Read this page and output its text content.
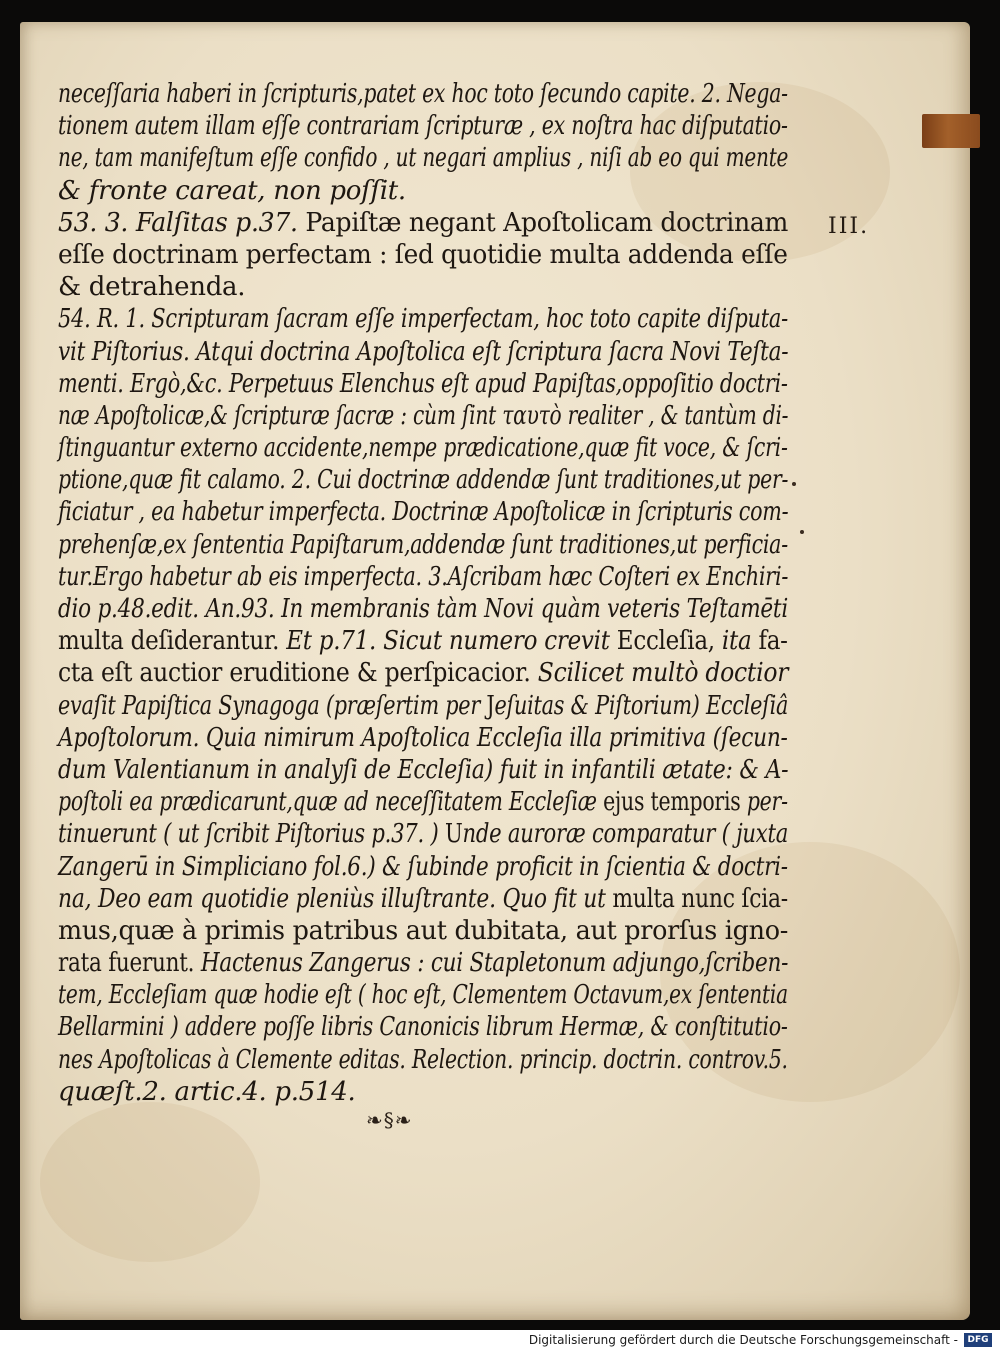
neceſſaria haberi in ſcripturis,patet ex hoc toto ſecundo capite. 2. Nega-
tionem autem illam eſſe contrariam ſcripturæ , ex noſtra hac diſputatio-
ne, tam manifeſtum eſſe confido , ut negari amplius , niſi ab eo qui mente
& fronte careat, non poſſit.
53. 3. Falſitas p.37. Papiſtæ negant Apoſtolicam doctrinam
eſſe doctrinam perfectam : ſed quotidie multa addenda eſſe
& detrahenda.
54. R. 1. Scripturam ſacram eſſe imperfectam, hoc toto capite diſputa-
vit Piſtorius. Atqui doctrina Apoſtolica eſt ſcriptura ſacra Novi Teſta-
menti. Ergò,&c. Perpetuus Elenchus eſt apud Papiſtas,oppoſitio doctri-
næ Apoſtolicæ,& ſcripturæ ſacræ : cùm ſint ταυτὸ realiter , & tantùm di-
ſtinguantur externo accidente,nempe prædicatione,quæ fit voce, & ſcri-
ptione,quæ fit calamo. 2. Cui doctrinæ addendæ ſunt traditiones,ut per-
ficiatur , ea habetur imperfecta. Doctrinæ Apoſtolicæ in ſcripturis com-
prehenſæ,ex ſententia Papiſtarum,addendæ ſunt traditiones,ut perficia-
tur.Ergo habetur ab eis imperfecta. 3.Aſcribam hæc Coſteri ex Enchiri-
dio p.48.edit. An.93. In membranis tàm Novi quàm veteris Teſtamēti
multa deſiderantur. Et p.71. Sicut numero crevit Eccleſia, ita fa-
cta eſt auctior eruditione & perſpicacior. Scilicet multò doctior
evaſit Papiſtica Synagoga (præſertim per Jeſuitas & Piſtorium) Eccleſiâ
Apoſtolorum. Quia nimirum Apoſtolica Eccleſia illa primitiva (ſecun-
dum Valentianum in analyſi de Eccleſia) fuit in infantili ætate: & A-
poſtoli ea prædicarunt,quæ ad neceſſitatem Eccleſiæ ejus temporis per-
tinuerunt ( ut ſcribit Piſtorius p.37. ) Unde auroræ comparatur ( juxta
Zangerū in Simpliciano fol.6.) & ſubinde proficit in ſcientia & doctri-
na, Deo eam quotidie pleniùs illuſtrante. Quo fit ut multa nunc ſcia-
mus,quæ à primis patribus aut dubitata, aut prorſus igno-
rata fuerunt. Hactenus Zangerus : cui Stapletonum adjungo,ſcriben-
tem, Eccleſiam quæ hodie eſt ( hoc eſt, Clementem Octavum,ex ſententia
Bellarmini ) addere poſſe libris Canonicis librum Hermæ, & conſtitutio-
nes Apoſtolicas à Clemente editas. Relection. princip. doctrin. controv.5.
quæſt.2. artic.4. p.514.
III.
❧§❧
Digitalisierung gefördert durch die Deutsche Forschungsgemeinschaft -	DFG
